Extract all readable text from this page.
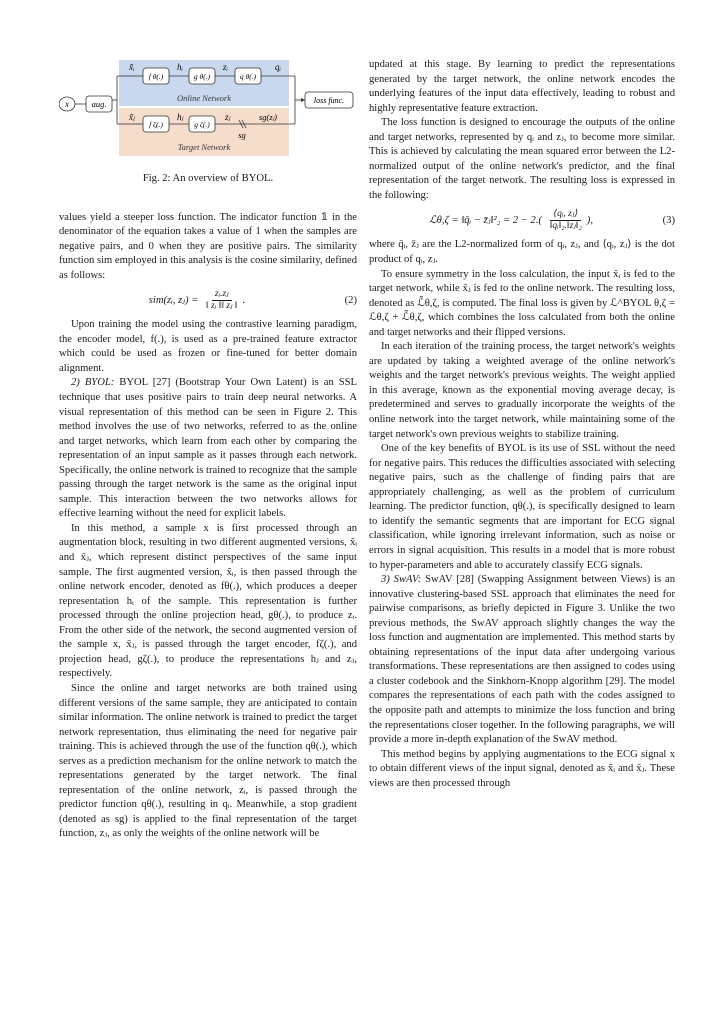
x	aug.
x̃ᵢ
f θ(.)
hᵢ
g θ(.)
zᵢ
q θ(.)
qᵢ
Online Network
x̃ⱼ
f ζ(.)
hⱼ
g ζ(.)
zⱼ
sg
sg(zⱼ)
Target Network
loss func.

Fig. 2: An overview of BYOL.

values yield a steeper loss function. The indicator function 𝟙 in the denominator of the equation takes a value of 1 when the samples are negative pairs, and 0 when they are positive pairs. The similarity function sim employed in this analysis is the cosine similarity, defined as follows:

sim(zᵢ, zⱼ) = $\frac{\text{zᵢ.zⱼ}}{\text{‖ zᵢ ‖‖ zⱼ ‖}}$ .	(2)

Upon training the model using the contrastive learning paradigm, the encoder model, f(.), is used as a pre-trained feature extractor which could be used as frozen or fine-tuned for better domain alignment.

2) BYOL: BYOL [27] (Bootstrap Your Own Latent) is an SSL technique that uses positive pairs to train deep neural networks. A visual representation of this method can be seen in Figure 2. This method involves the use of two networks, referred to as the online and target networks, which learn from each other by comparing the representation of an input sample as it passes through each network. Specifically, the online network is trained to recognize that the sample passing through the target network is the same as the original input sample. This interaction between the two networks allows for effective learning without the need for explicit labels.

In this method, a sample x is first processed through an augmentation block, resulting in two different augmented versions, x̃ᵢ and x̃ⱼ, which represent distinct perspectives of the same input sample. The first augmented version, x̃ᵢ, is then passed through the online network encoder, denoted as fθ(.), which produces a deeper representation hᵢ of the sample. This representation is further processed through the online projection head, gθ(.), to produce zᵢ. From the other side of the network, the second augmented version of the sample x, x̃ⱼ, is passed through the target encoder, fζ(.), and projection head, gζ(.), to produce the representations hⱼ and zⱼ, respectively.

Since the online and target networks are both trained using different versions of the same sample, they are anticipated to contain similar information. The online network is trained to predict the target network representation, thus eliminating the need for negative pair training. This is achieved through the use of the function qθ(.), which serves as a prediction mechanism for the online network to match the representations generated by the target network. The final representation of the online network, zᵢ, is passed through the predictor function qθ(.), resulting in qᵢ. Meanwhile, a stop gradient (denoted as sg) is applied to the final representation of the target function, zⱼ, as only the weights of the online network will be

updated at this stage. By learning to predict the representations generated by the target network, the online network encodes the underlying features of the input data effectively, leading to robust and highly representative feature extraction.

The loss function is designed to encourage the outputs of the online and target networks, represented by qᵢ and zⱼ, to become more similar. This is achieved by calculating the mean squared error between the L2-normalized output of the online network's predictor, and the final representation of the target network. The resulting loss is expressed in the following:

ℒθ,ζ = ‖q̄ᵢ − z̄ⱼ‖²₂ = $2 - 2.( \frac{\text{⟨qᵢ, zⱼ⟩}}{\text{‖qᵢ‖₂.‖zⱼ‖₂}}$ ),	(3)

where q̄ᵢ, z̄ⱼ are the L2-normalized form of qᵢ, zⱼ, and ⟨qᵢ, zⱼ⟩ is the dot product of qᵢ, zⱼ.

To ensure symmetry in the loss calculation, the input x̃ᵢ is fed to the target network, while x̃ⱼ is fed to the online network. The resulting loss, denoted as ℒ̃θ,ζ, is computed. The final loss is given by ℒ^BYOL θ,ζ = ℒθ,ζ + ℒ̃θ,ζ, which combines the loss calculated from both the online and target networks and their flipped versions.

In each iteration of the training process, the target network's weights are updated by taking a weighted average of the online network's weights and the target network's previous weights. The weight applied in this average, known as the exponential moving average decay, is predetermined and serves to gradually incorporate the weights of the online network into the target network, while maintaining some of the target network's own previous weights to stabilize training.

One of the key benefits of BYOL is its use of SSL without the need for negative pairs. This reduces the difficulties associated with selecting negative pairs, such as the challenge of finding pairs that are appropriately challenging, as well as the problem of curriculum learning. The predictor function, qθ(.), is specifically designed to learn to identify the semantic segments that are important for ECG signal classification, while ignoring irrelevant information, such as noise or errors in signal acquisition. This results in a model that is more robust to hyper-parameters and able to accurately classify ECG signals.

3) SwAV: SwAV [28] (Swapping Assignment between Views) is an innovative clustering-based SSL approach that eliminates the need for pairwise comparisons, as briefly depicted in Figure 3. Unlike the two previous methods, the SwAV approach slightly changes the way the loss function and augmentation are implemented. This method starts by obtaining representations of the input data after undergoing various transformations. These representations are then assigned to codes using a cluster codebook and the Sinkhorn-Knopp algorithm [29]. The model compares the representations of each path with the codes assigned to the opposite path and attempts to minimize the loss function and bring the representations closer together. In the following paragraphs, we will provide a more in-depth explanation of the SwAV method.

This method begins by applying augmentations to the ECG signal x to obtain different views of the input signal, denoted as x̃ᵢ and x̃ⱼ. These views are then processed through
